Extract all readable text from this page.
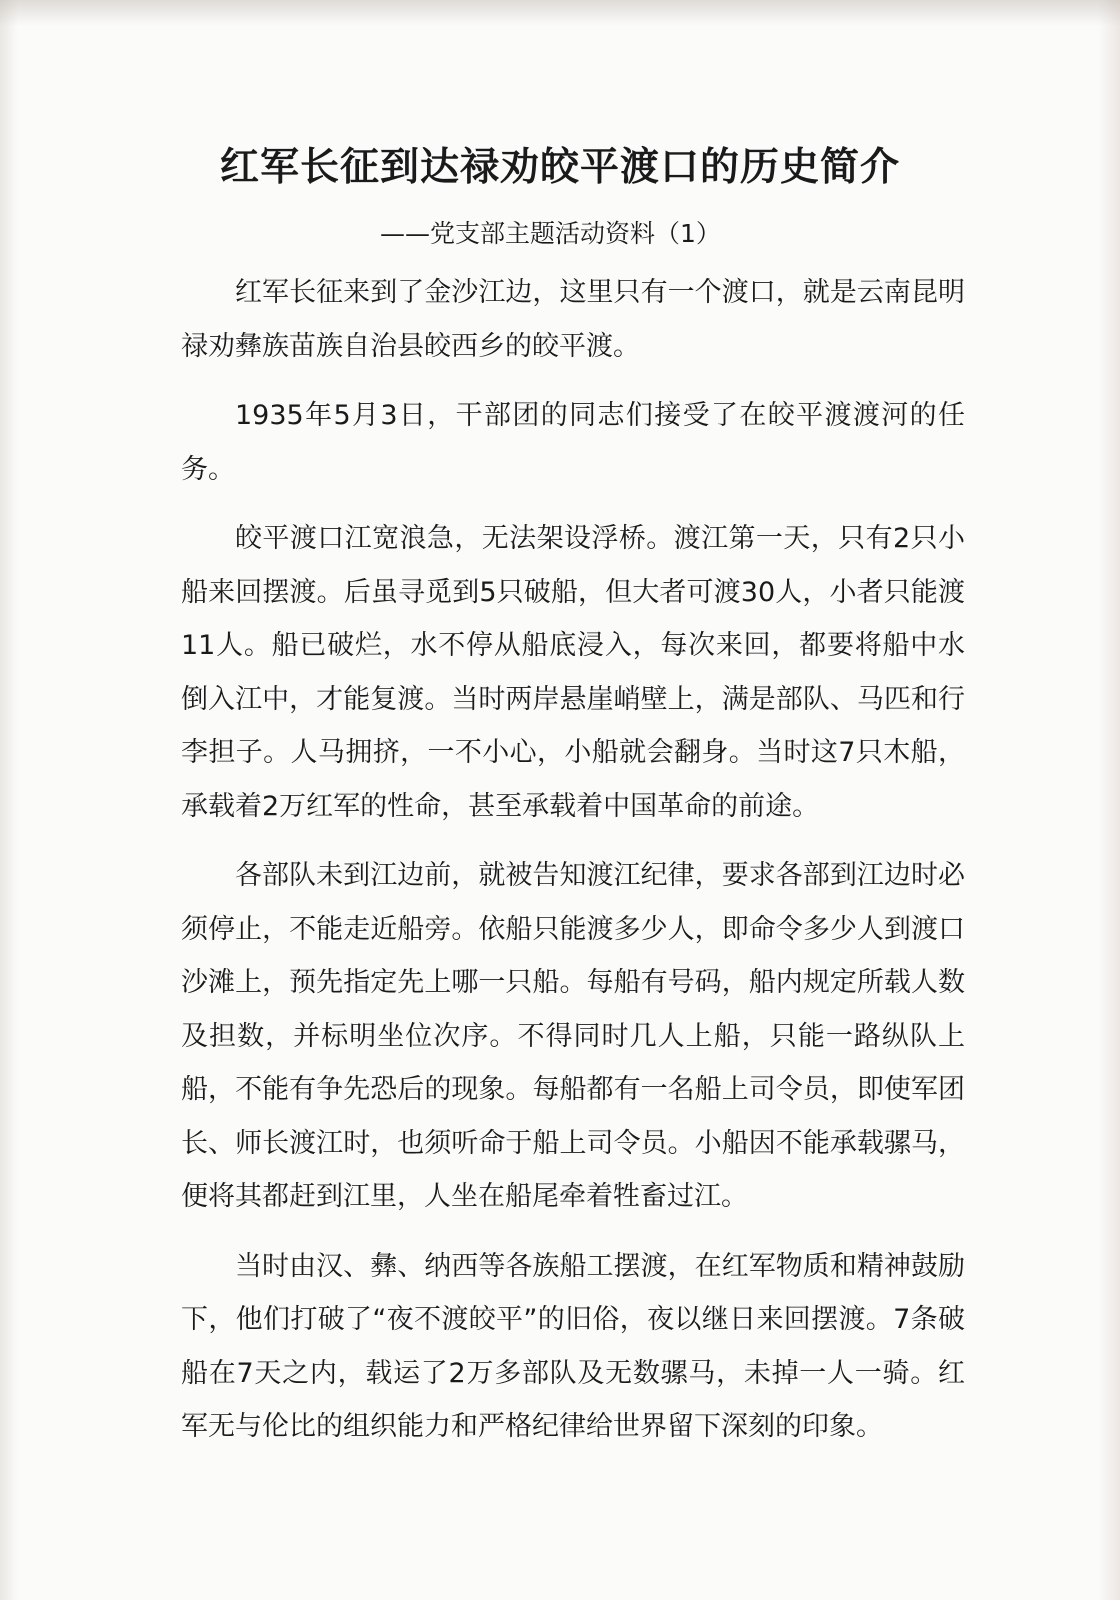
红军长征到达禄劝皎平渡口的历史简介
——党支部主题活动资料（1）

红军长征来到了金沙江边，这里只有一个渡口，就是云南昆明禄劝彝族苗族自治县皎西乡的皎平渡。

1935年5月3日，干部团的同志们接受了在皎平渡渡河的任务。

皎平渡口江宽浪急，无法架设浮桥。渡江第一天，只有2只小船来回摆渡。后虽寻觅到5只破船，但大者可渡30人，小者只能渡11人。船已破烂，水不停从船底浸入，每次来回，都要将船中水倒入江中，才能复渡。当时两岸悬崖峭壁上，满是部队、马匹和行李担子。人马拥挤，一不小心，小船就会翻身。当时这7只木船，承载着2万红军的性命，甚至承载着中国革命的前途。

各部队未到江边前，就被告知渡江纪律，要求各部到江边时必须停止，不能走近船旁。依船只能渡多少人，即命令多少人到渡口沙滩上，预先指定先上哪一只船。每船有号码，船内规定所载人数及担数，并标明坐位次序。不得同时几人上船，只能一路纵队上船，不能有争先恐后的现象。每船都有一名船上司令员，即使军团长、师长渡江时，也须听命于船上司令员。小船因不能承载骡马，便将其都赶到江里，人坐在船尾牵着牲畜过江。

当时由汉、彝、纳西等各族船工摆渡，在红军物质和精神鼓励下，他们打破了“夜不渡皎平”的旧俗，夜以继日来回摆渡。7条破船在7天之内，载运了2万多部队及无数骡马，未掉一人一骑。红军无与伦比的组织能力和严格纪律给世界留下深刻的印象。
